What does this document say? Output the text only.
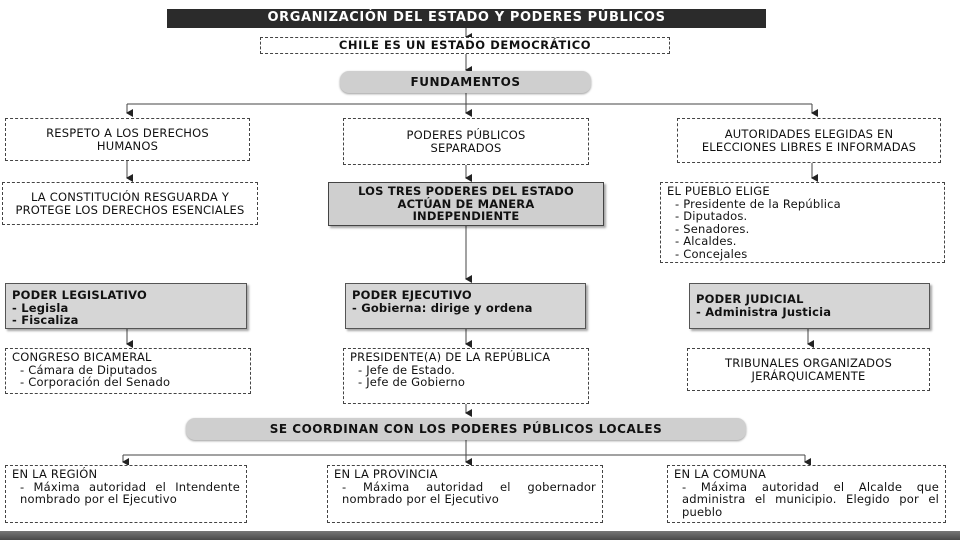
ORGANIZACIÓN DEL ESTADO Y PODERES PÚBLICOS
CHILE ES UN ESTADO DEMOCRÁTICO
FUNDAMENTOS
RESPETO A LOS DERECHOS HUMANOS
PODERES PÚBLICOS SEPARADOS
AUTORIDADES ELEGIDAS EN ELECCIONES LIBRES E INFORMADAS
LA CONSTITUCIÓN RESGUARDA Y PROTEGE LOS DERECHOS ESENCIALES
LOS TRES PODERES DEL ESTADO ACTÚAN DE MANERA INDEPENDIENTE
EL PUEBLO ELIGE
- Presidente de la República
- Diputados.
- Senadores.
- Alcaldes.
- Concejales
PODER LEGISLATIVO
- Legisla
- Fiscaliza
PODER EJECUTIVO
- Gobierna: dirige y ordena
PODER JUDICIAL
- Administra Justicia
CONGRESO BICAMERAL
- Cámara de Diputados
- Corporación del Senado
PRESIDENTE(A) DE LA REPÚBLICA
- Jefe de Estado.
- Jefe de Gobierno
TRIBUNALES ORGANIZADOS JERÁRQUICAMENTE
SE COORDINAN CON LOS PODERES PÚBLICOS LOCALES
EN LA REGIÓN
- Máxima autoridad el Intendente nombrado por el Ejecutivo
EN LA PROVINCIA
- Máxima autoridad el gobernador nombrado por el Ejecutivo
EN LA COMUNA
- Máxima autoridad el Alcalde que administra el municipio. Elegido por el pueblo
